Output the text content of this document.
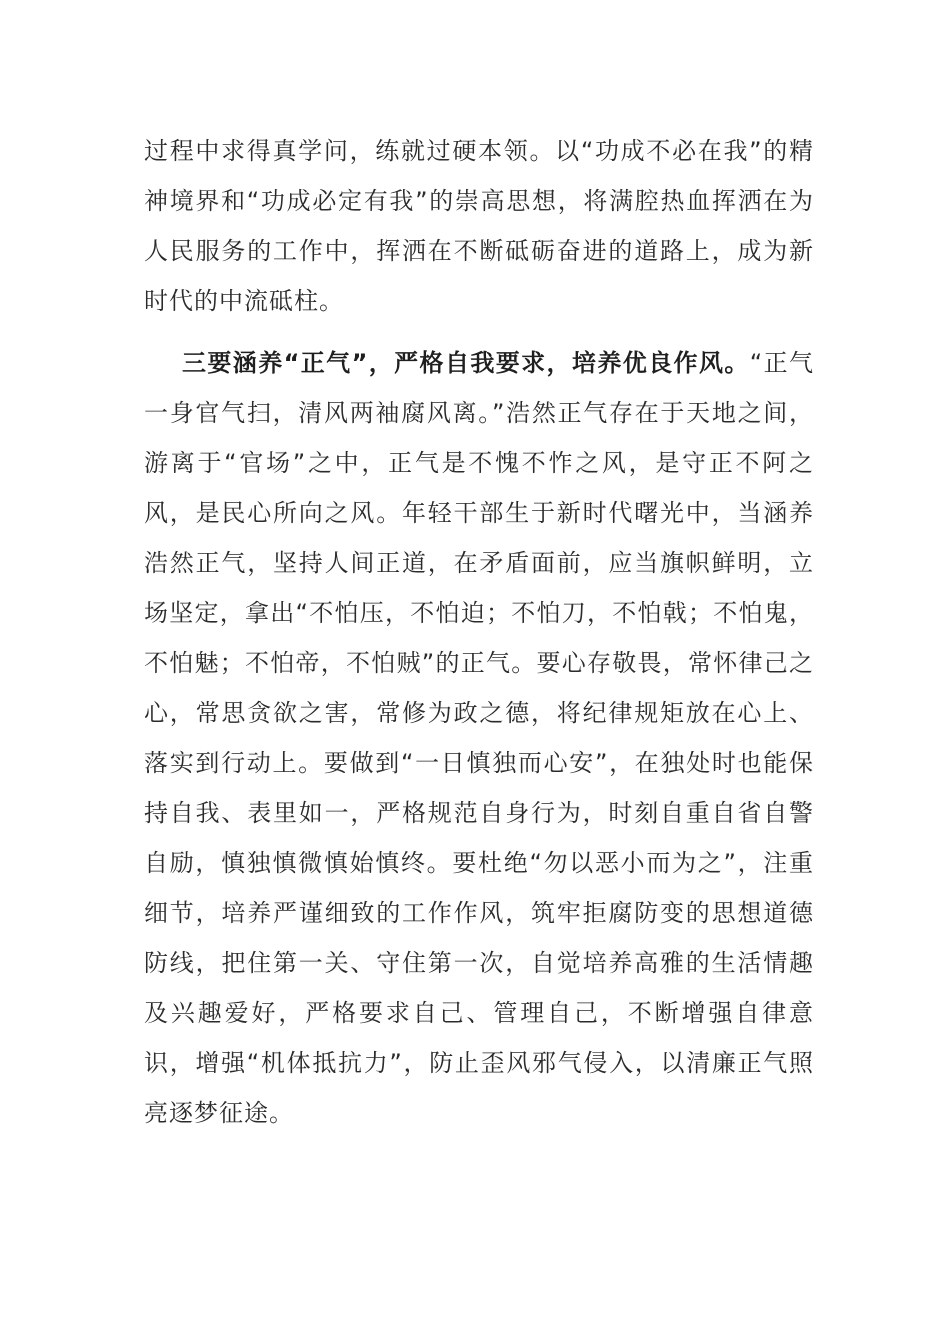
过程中求得真学问，练就过硬本领。以“功成不必在我”的精神境界和“功成必定有我”的崇高思想，将满腔热血挥洒在为人民服务的工作中，挥洒在不断砥砺奋进的道路上，成为新时代的中流砥柱。

三要涵养“正气”，严格自我要求，培养优良作风。“正气一身官气扫，清风两袖腐风离。”浩然正气存在于天地之间，游离于“官场”之中，正气是不愧不怍之风，是守正不阿之风，是民心所向之风。年轻干部生于新时代曙光中，当涵养浩然正气，坚持人间正道，在矛盾面前，应当旗帜鲜明，立场坚定，拿出“不怕压，不怕迫；不怕刀，不怕戟；不怕鬼，不怕魅；不怕帝，不怕贼”的正气。要心存敬畏，常怀律己之心，常思贪欲之害，常修为政之德，将纪律规矩放在心上、落实到行动上。要做到“一日慎独而心安”，在独处时也能保持自我、表里如一，严格规范自身行为，时刻自重自省自警自励，慎独慎微慎始慎终。要杜绝“勿以恶小而为之”，注重细节，培养严谨细致的工作作风，筑牢拒腐防变的思想道德防线，把住第一关、守住第一次，自觉培养高雅的生活情趣及兴趣爱好，严格要求自己、管理自己，不断增强自律意识，增强“机体抵抗力”，防止歪风邪气侵入，以清廉正气照亮逐梦征途。
